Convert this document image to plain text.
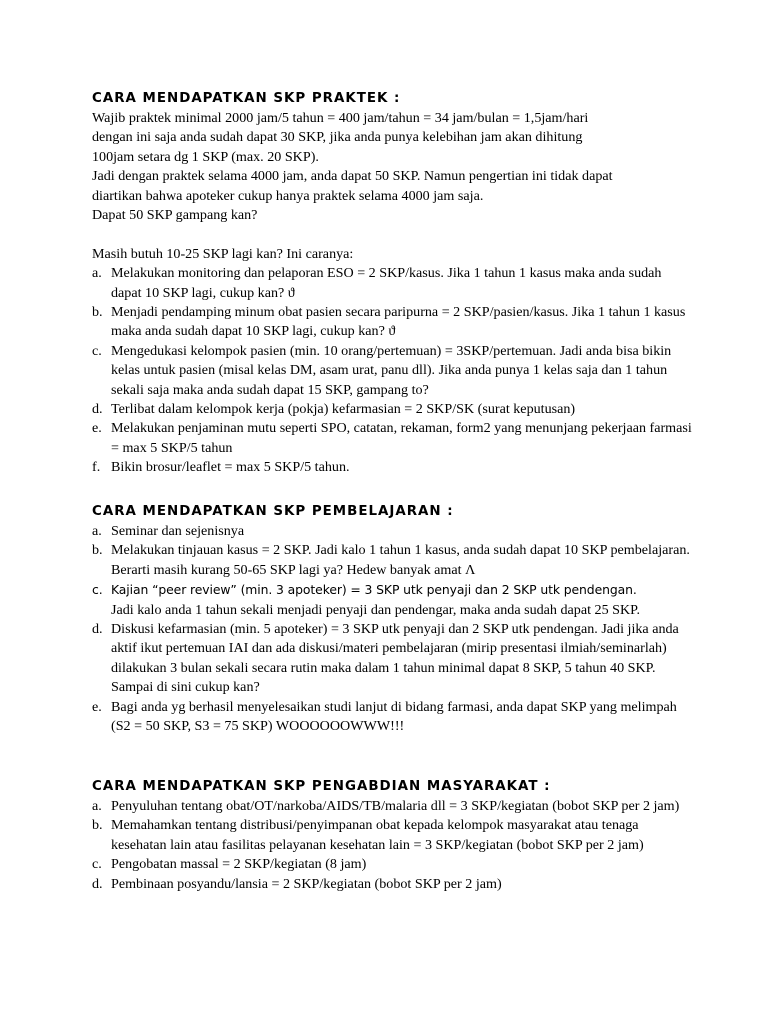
CARA MENDAPATKAN SKP PRAKTEK :
Wajib praktek minimal 2000 jam/5 tahun = 400 jam/tahun = 34 jam/bulan = 1,5jam/hari
dengan ini saja anda sudah dapat 30 SKP, jika anda punya kelebihan jam akan dihitung
100jam setara dg 1 SKP (max. 20 SKP).
Jadi dengan praktek selama 4000 jam, anda dapat 50 SKP. Namun pengertian ini tidak dapat
diartikan bahwa apoteker cukup hanya praktek selama 4000 jam saja.
Dapat 50 SKP gampang kan?
Masih butuh 10-25 SKP lagi kan? Ini caranya:
a. Melakukan monitoring dan pelaporan ESO = 2 SKP/kasus. Jika 1 tahun 1 kasus maka anda sudah dapat 10 SKP lagi, cukup kan? ϑ
b. Menjadi pendamping minum obat pasien secara paripurna = 2 SKP/pasien/kasus. Jika 1 tahun 1 kasus maka anda sudah dapat 10 SKP lagi, cukup kan? ϑ
c. Mengedukasi kelompok pasien (min. 10 orang/pertemuan) = 3SKP/pertemuan. Jadi anda bisa bikin kelas untuk pasien (misal kelas DM, asam urat, panu dll). Jika anda punya 1 kelas saja dan 1 tahun sekali saja maka anda sudah dapat 15 SKP, gampang to?
d. Terlibat dalam kelompok kerja (pokja) kefarmasian = 2 SKP/SK (surat keputusan)
e. Melakukan penjaminan mutu seperti SPO, catatan, rekaman, form2 yang menunjang pekerjaan farmasi = max 5 SKP/5 tahun
f. Bikin brosur/leaflet = max 5 SKP/5 tahun.
CARA MENDAPATKAN SKP PEMBELAJARAN :
a. Seminar dan sejenisnya
b. Melakukan tinjauan kasus = 2 SKP. Jadi kalo 1 tahun 1 kasus, anda sudah dapat 10 SKP pembelajaran. Berarti masih kurang 50-65 SKP lagi ya? Hedew banyak amat Λ
c. Kajian “peer review” (min. 3 apoteker) = 3 SKP utk penyaji dan 2 SKP utk pendengan.
Jadi kalo anda 1 tahun sekali menjadi penyaji dan pendengar, maka anda sudah dapat 25 SKP.
d. Diskusi kefarmasian (min. 5 apoteker) = 3 SKP utk penyaji dan 2 SKP utk pendengan. Jadi jika anda aktif ikut pertemuan IAI dan ada diskusi/materi pembelajaran (mirip presentasi ilmiah/seminarlah) dilakukan 3 bulan sekali secara rutin maka dalam 1 tahun minimal dapat 8 SKP, 5 tahun 40 SKP. Sampai di sini cukup kan?
e. Bagi anda yg berhasil menyelesaikan studi lanjut di bidang farmasi, anda dapat SKP yang melimpah (S2 = 50 SKP, S3 = 75 SKP) WOOOOOOWWW!!!
CARA MENDAPATKAN SKP PENGABDIAN MASYARAKAT :
a. Penyuluhan tentang obat/OT/narkoba/AIDS/TB/malaria dll = 3 SKP/kegiatan (bobot SKP per 2 jam)
b. Memahamkan tentang distribusi/penyimpanan obat kepada kelompok masyarakat atau tenaga kesehatan lain atau fasilitas pelayanan kesehatan lain = 3 SKP/kegiatan (bobot SKP per 2 jam)
c. Pengobatan massal = 2 SKP/kegiatan (8 jam)
d. Pembinaan posyandu/lansia = 2 SKP/kegiatan (bobot SKP per 2 jam)
